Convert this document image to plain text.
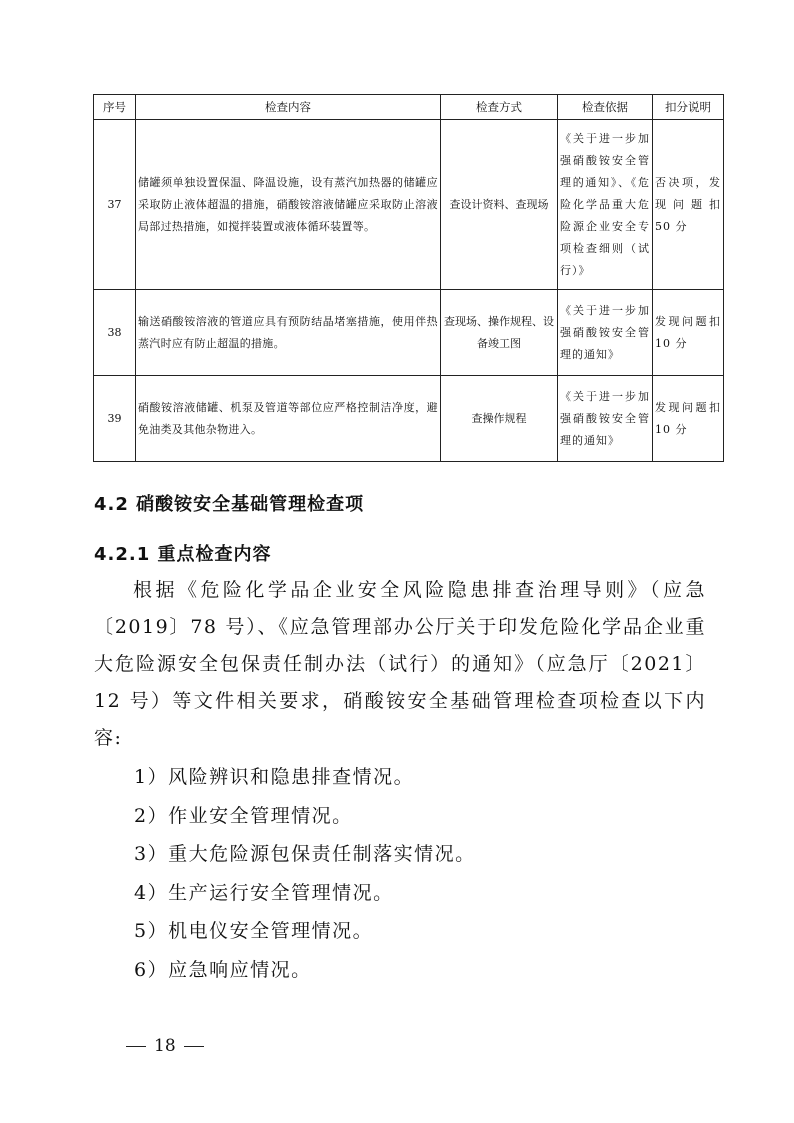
序号	检查内容	检查方式	检查依据	扣分说明
37	储罐须单独设置保温、降温设施，设有蒸汽加热器的储罐应采取防止液体超温的措施，硝酸铵溶液储罐应采取防止溶液局部过热措施，如搅拌装置或液体循环装置等。	查设计资料、查现场	《关于进一步加强硝酸铵安全管理的通知》、《危险化学品重大危险源企业安全专项检查细则（试行）》	否决项，发现问题扣 50 分
38	输送硝酸铵溶液的管道应具有预防结晶堵塞措施，使用伴热蒸汽时应有防止超温的措施。	查现场、操作规程、设备竣工图	《关于进一步加强硝酸铵安全管理的通知》	发现问题扣 10 分
39	硝酸铵溶液储罐、机泵及管道等部位应严格控制洁净度，避免油类及其他杂物进入。	查操作规程	《关于进一步加强硝酸铵安全管理的通知》	发现问题扣 10 分
4.2 硝酸铵安全基础管理检查项
4.2.1 重点检查内容

根据《危险化学品企业安全风险隐患排查治理导则》（应急〔2019〕78 号）、《应急管理部办公厅关于印发危险化学品企业重大危险源安全包保责任制办法（试行）的通知》（应急厅〔2021〕12 号）等文件相关要求，硝酸铵安全基础管理检查项检查以下内容:

1）风险辨识和隐患排查情况。
2）作业安全管理情况。
3）重大危险源包保责任制落实情况。
4）生产运行安全管理情况。
5）机电仪安全管理情况。
6）应急响应情况。
18
